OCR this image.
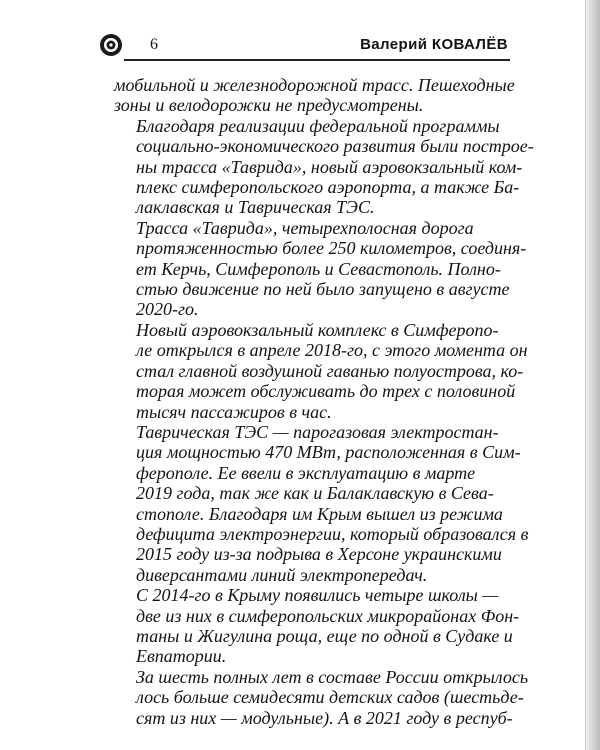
6	Валерий КОВАЛЁВ

мобильной и железнодорожной трасс. Пешеходные
зоны и велодорожки не предусмотрены.

Благодаря реализации федеральной программы
социально-экономического развития были построе-
ны трасса «Таврида», новый аэровокзальный ком-
плекс симферопольского аэропорта, а также Ба-
лаклавская и Таврическая ТЭС.

Трасса «Таврида», четырехполосная дорога
протяженностью более 250 километров, соединя-
ет Керчь, Симферополь и Севастополь. Полно-
стью движение по ней было запущено в августе
2020-го.

Новый аэровокзальный комплекс в Симферопо-
ле открылся в апреле 2018-го, с этого момента он
стал главной воздушной гаванью полуострова, ко-
торая может обслуживать до трех с половиной
тысяч пассажиров в час.

Таврическая ТЭС — парогазовая электростан-
ция мощностью 470 МВт, расположенная в Сим-
ферополе. Ее ввели в эксплуатацию в марте
2019 года, так же как и Балаклавскую в Сева-
стополе. Благодаря им Крым вышел из режима
дефицита электроэнергии, который образовался в
2015 году из-за подрыва в Херсоне украинскими
диверсантами линий электропередач.

С 2014-го в Крыму появились четыре школы —
две из них в симферопольских микрорайонах Фон-
таны и Жигулина роща, еще по одной в Судаке и
Евпатории.

За шесть полных лет в составе России открылось
лось больше семидесяти детских садов (шестьде-
сят из них — модульные). А в 2021 году в респуб-
